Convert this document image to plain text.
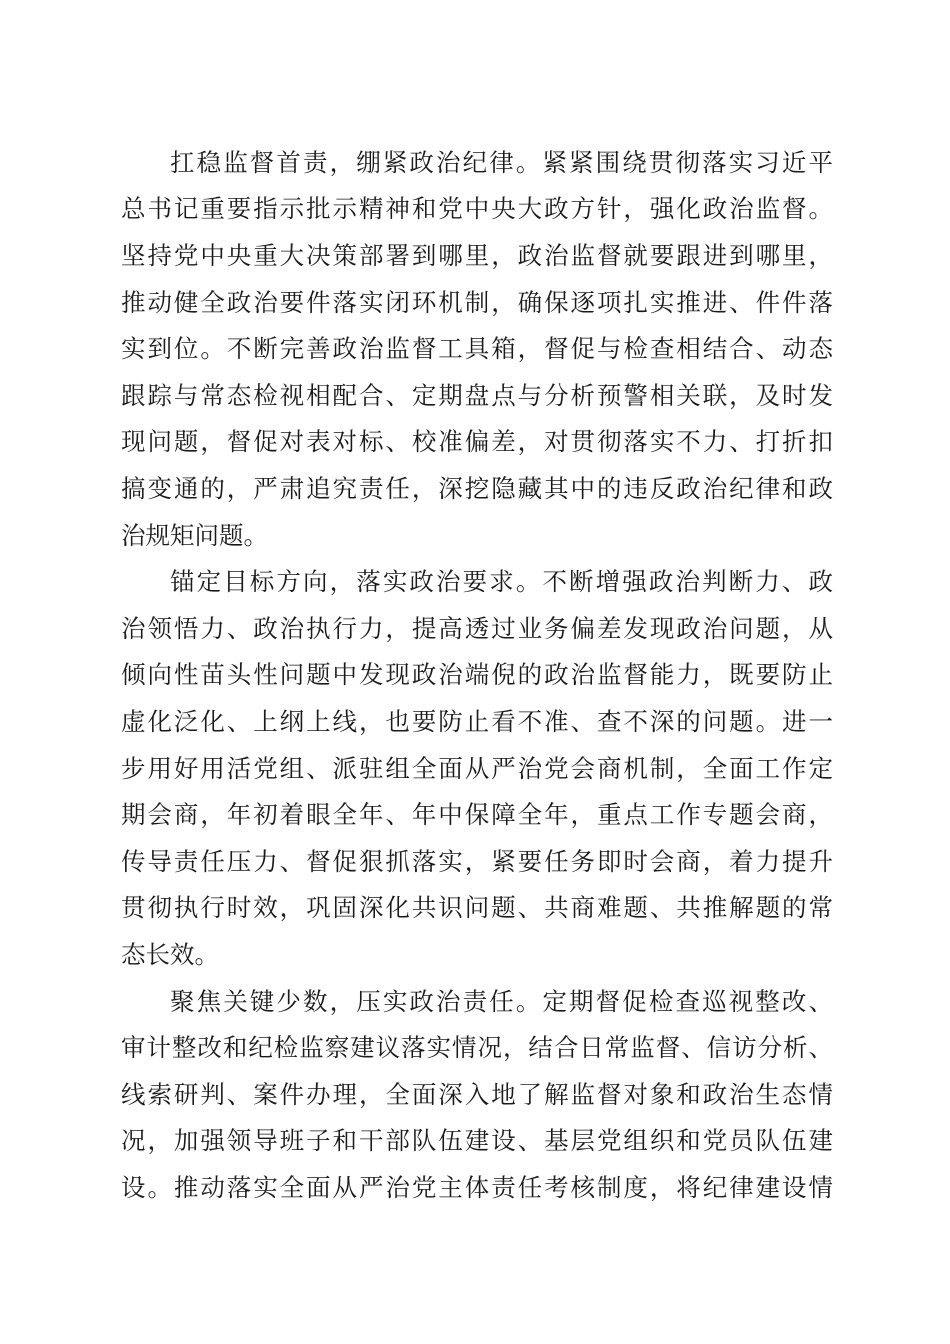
扛稳监督首责，绷紧政治纪律。紧紧围绕贯彻落实习近平
总书记重要指示批示精神和党中央大政方针，强化政治监督。
坚持党中央重大决策部署到哪里，政治监督就要跟进到哪里，
推动健全政治要件落实闭环机制，确保逐项扎实推进、件件落
实到位。不断完善政治监督工具箱，督促与检查相结合、动态
跟踪与常态检视相配合、定期盘点与分析预警相关联，及时发
现问题，督促对表对标、校准偏差，对贯彻落实不力、打折扣
搞变通的，严肃追究责任，深挖隐藏其中的违反政治纪律和政
治规矩问题。
锚定目标方向，落实政治要求。不断增强政治判断力、政
治领悟力、政治执行力，提高透过业务偏差发现政治问题，从
倾向性苗头性问题中发现政治端倪的政治监督能力，既要防止
虚化泛化、上纲上线，也要防止看不准、查不深的问题。进一
步用好用活党组、派驻组全面从严治党会商机制，全面工作定
期会商，年初着眼全年、年中保障全年，重点工作专题会商，
传导责任压力、督促狠抓落实，紧要任务即时会商，着力提升
贯彻执行时效，巩固深化共识问题、共商难题、共推解题的常
态长效。
聚焦关键少数，压实政治责任。定期督促检查巡视整改、
审计整改和纪检监察建议落实情况，结合日常监督、信访分析、
线索研判、案件办理，全面深入地了解监督对象和政治生态情
况，加强领导班子和干部队伍建设、基层党组织和党员队伍建
设。推动落实全面从严治党主体责任考核制度，将纪律建设情
